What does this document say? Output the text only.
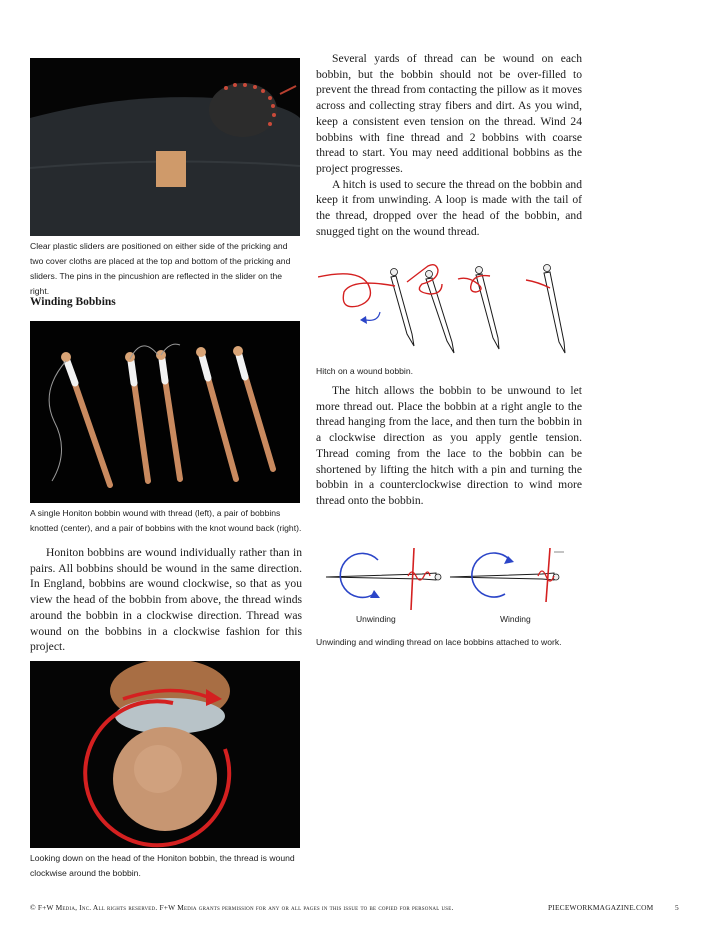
Clear plastic sliders are positioned on either side of the pricking and two cover cloths are placed at the top and bottom of the pricking and sliders. The pins in the pincushion are reflected in the slider on the right.
Winding Bobbins
A single Honiton bobbin wound with thread (left), a pair of bobbins knotted (center), and a pair of bobbins with the knot wound back (right).

Honiton bobbins are wound individually rather than in pairs. All bobbins should be wound in the same direction. In England, bobbins are wound clockwise, so that as you view the head of the bobbin from above, the thread winds around the bobbin in a clockwise direction. Thread was wound on the bobbins in a clockwise fashion for this project.

Looking down on the head of the Honiton bobbin, the thread is wound clockwise around the bobbin.

Several yards of thread can be wound on each bobbin, but the bobbin should not be over-filled to prevent the thread from contacting the pillow as it moves across and collecting stray fibers and dirt. As you wind, keep a consistent even tension on the thread. Wind 24 bobbins with fine thread and 2 bobbins with coarse thread to start. You may need additional bobbins as the project progresses.

A hitch is used to secure the thread on the bobbin and keep it from unwinding. A loop is made with the tail of the thread, dropped over the head of the bobbin, and snugged tight on the wound thread.

Hitch on a wound bobbin.

The hitch allows the bobbin to be unwound to let more thread out. Place the bobbin at a right angle to the thread hanging from the lace, and then turn the bobbin in a clockwise direction as you apply gentle tension. Thread coming from the lace to the bobbin can be shortened by lifting the hitch with a pin and turning the bobbin in a counterclockwise direction to wind more thread onto the bobbin.

Unwinding	Winding
Unwinding and winding thread on lace bobbins attached to work.
© F+W Media, Inc. All rights reserved. F+W Media grants permission for any or all pages in this issue to be copied for personal use.	PIECEWORKMAGAZINE.COM	5
